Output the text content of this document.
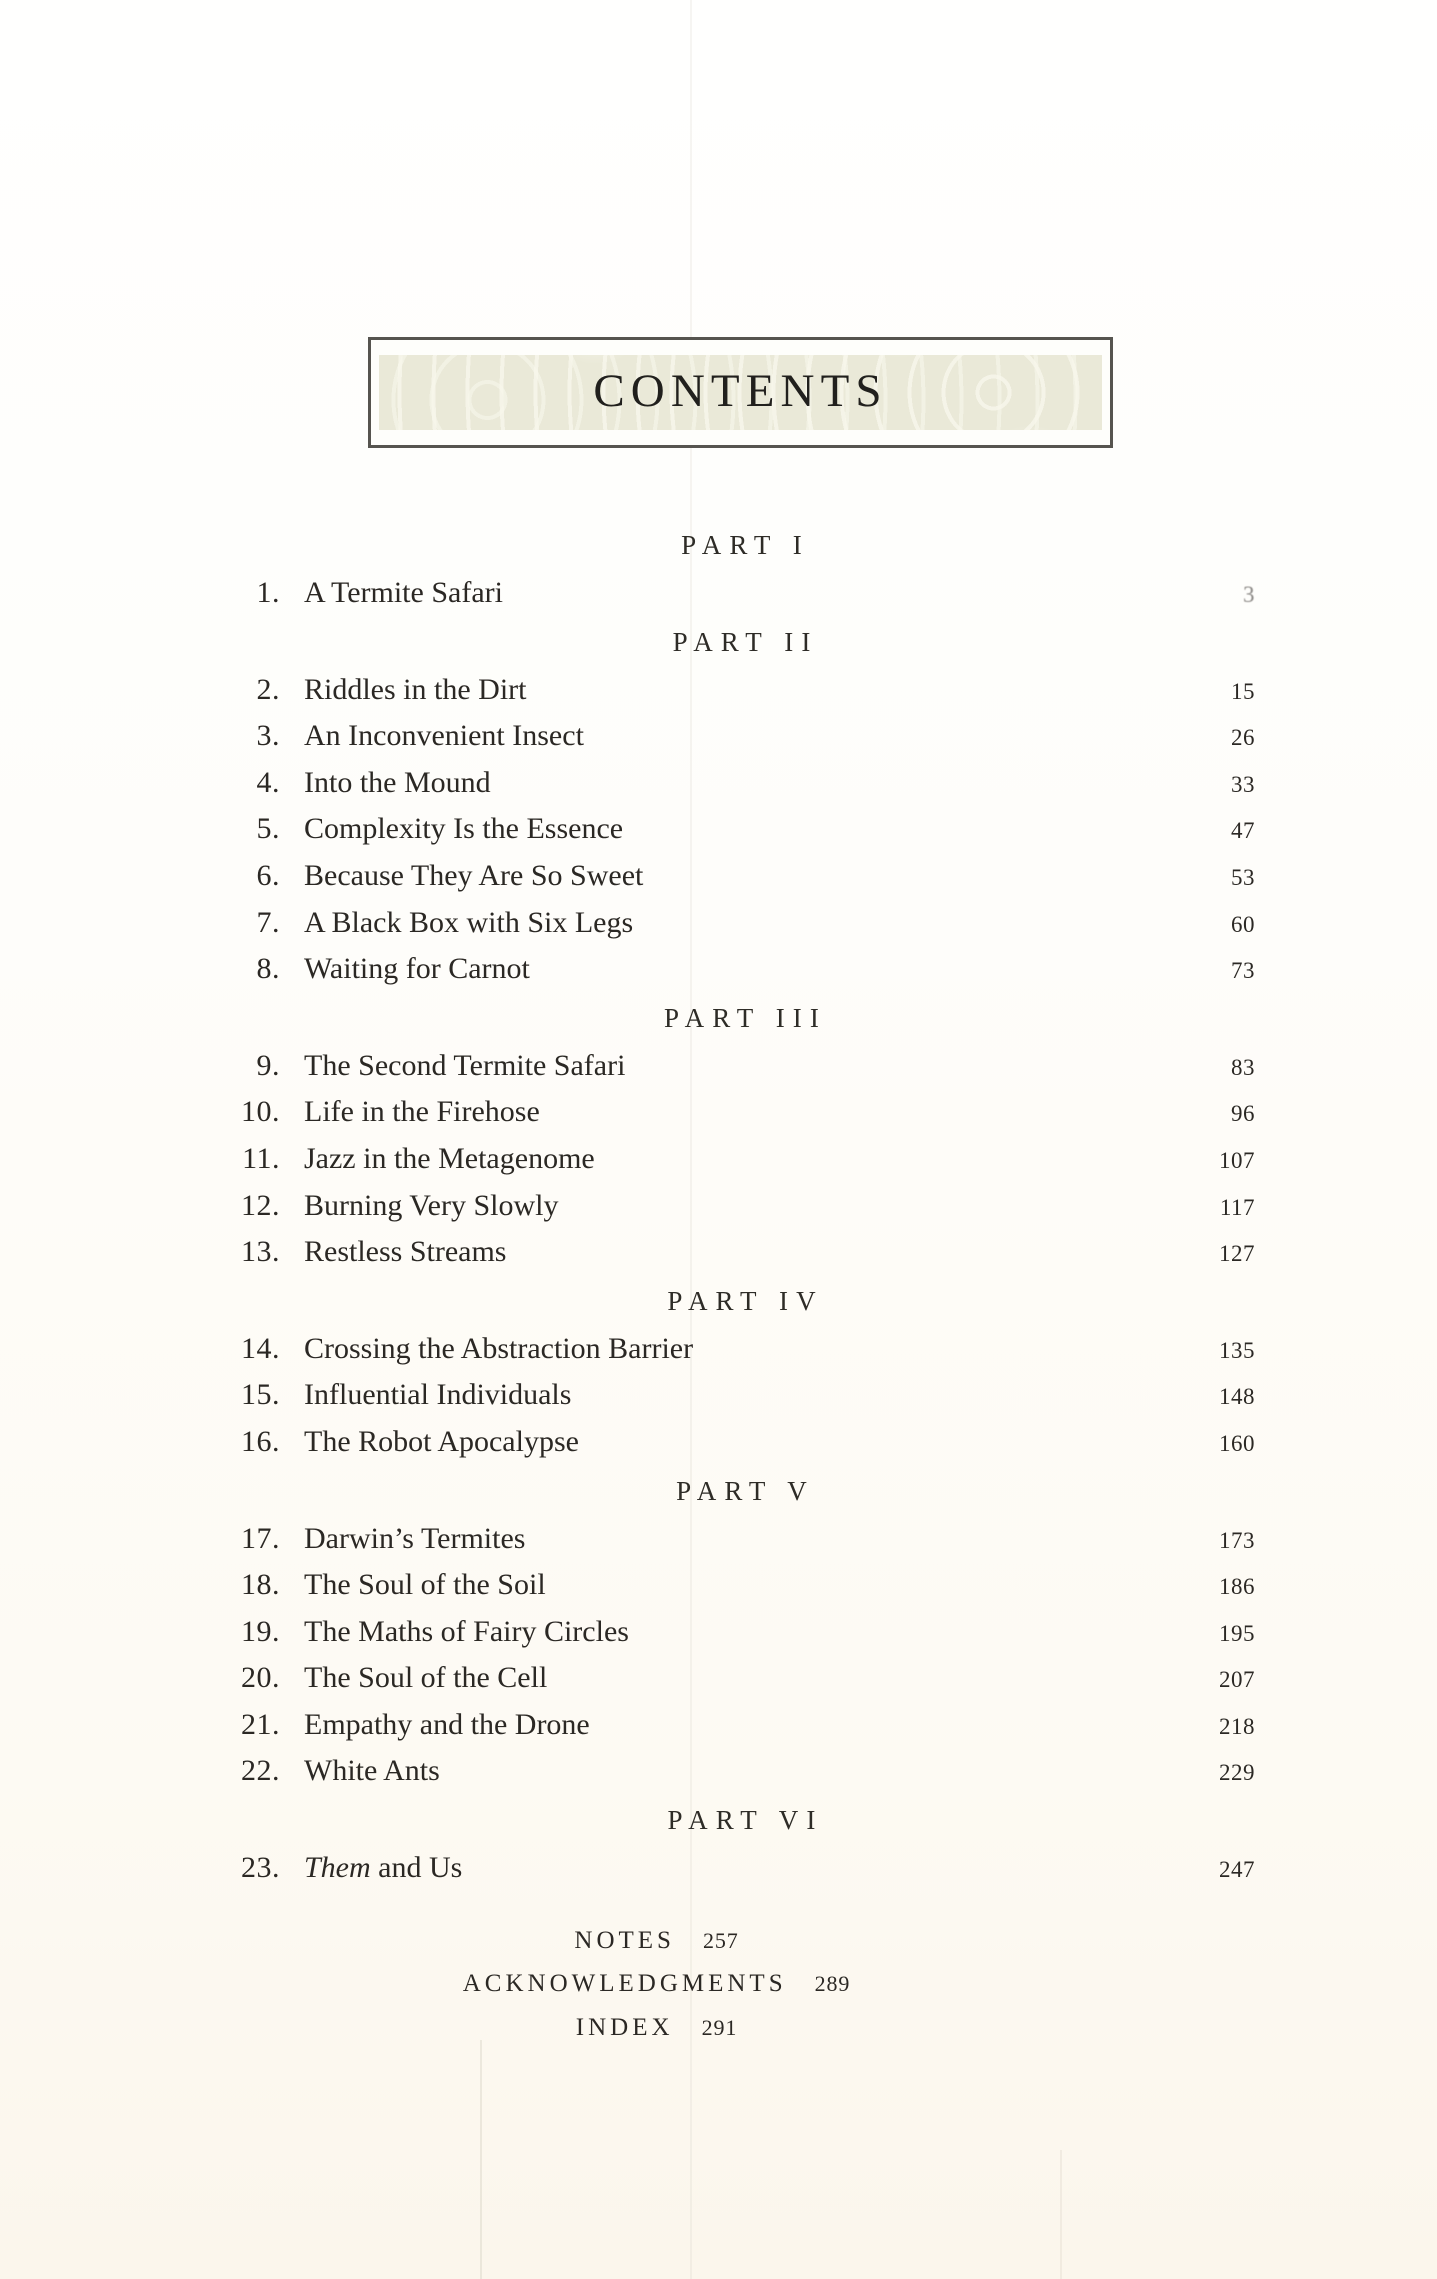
CONTENTS
PART I
1. A Termite Safari	3
PART II
2. Riddles in the Dirt	15
3. An Inconvenient Insect	26
4. Into the Mound	33
5. Complexity Is the Essence	47
6. Because They Are So Sweet	53
7. A Black Box with Six Legs	60
8. Waiting for Carnot	73
PART III
9. The Second Termite Safari	83
10. Life in the Firehose	96
11. Jazz in the Metagenome	107
12. Burning Very Slowly	117
13. Restless Streams	127
PART IV
14. Crossing the Abstraction Barrier	135
15. Influential Individuals	148
16. The Robot Apocalypse	160
PART V
17. Darwin’s Termites	173
18. The Soul of the Soil	186
19. The Maths of Fairy Circles	195
20. The Soul of the Cell	207
21. Empathy and the Drone	218
22. White Ants	229
PART VI
23. Them and Us	247
NOTES 257
ACKNOWLEDGMENTS 289
INDEX 291
